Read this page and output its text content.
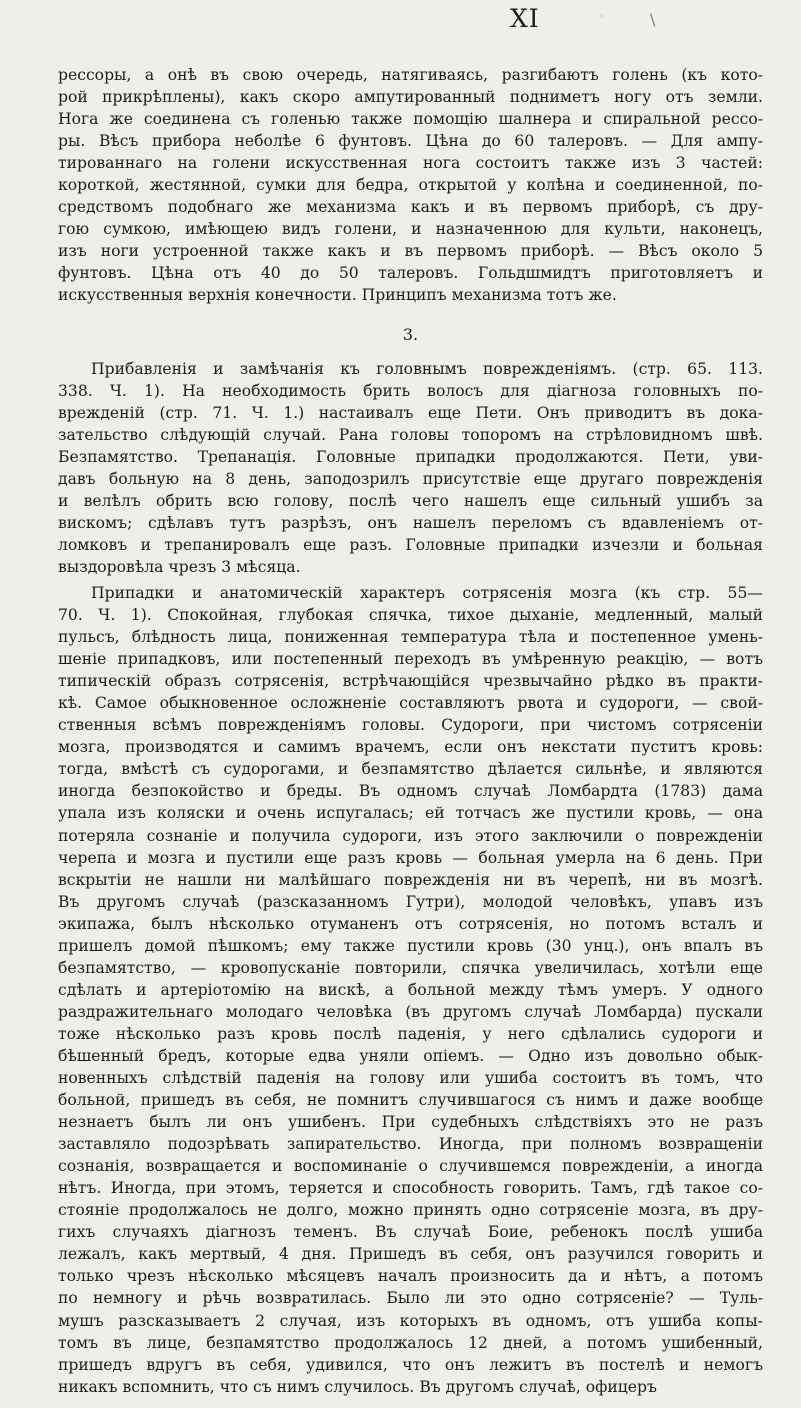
XI	'	\
рессоры, а онѣ въ свою очередь, натягиваясь, разгибаютъ голень (къ кото-
рой прикрѣплены), какъ скоро ампутированный подниметъ ногу отъ земли.
Нога же соединена съ голенью также помощію шалнера и спиральной рессо-
ры. Вѣсъ прибора неболѣе 6 фунтовъ. Цѣна до 60 талеровъ. — Для ампу-
тированнаго на голени искусственная нога состоитъ также изъ 3 частей:
короткой, жестянной, сумки для бедра, открытой у колѣна и соединенной, по-
средствомъ подобнаго же механизма какъ и въ первомъ приборѣ, съ дру-
гою сумкою, имѣющею видъ голени, и назначенною для культи, наконецъ,
изъ ноги устроенной также какъ и въ первомъ приборѣ. — Вѣсъ около 5
фунтовъ. Цѣна отъ 40 до 50 талеровъ. Гольдшмидтъ приготовляетъ и
искусственныя верхнія конечности. Принципъ механизма тотъ же.
3.
Прибавленія и замѣчанія къ головнымъ поврежденіямъ. (стр. 65. 113.
338. Ч. 1). На необходимость брить волосъ для діагноза головныхъ по-
врежденій (стр. 71. Ч. 1.) настаивалъ еще Пети. Онъ приводитъ въ дока-
зательство слѣдующій случай. Рана головы топоромъ на стрѣловидномъ швѣ.
Безпамятство. Трепанація. Головные припадки продолжаются. Пети, уви-
давъ больную на 8 день, заподозрилъ присутствіе еще другаго поврежденія
и велѣлъ обрить всю голову, послѣ чего нашелъ еще сильный ушибъ за
вискомъ; сдѣлавъ тутъ разрѣзъ, онъ нашелъ переломъ съ вдавленіемъ от-
ломковъ и трепанировалъ еще разъ. Головные припадки изчезли и больная
выздоровѣла чрезъ 3 мѣсяца.
Припадки и анатомическій характеръ сотрясенія мозга (къ стр. 55—
70. Ч. 1). Спокойная, глубокая спячка, тихое дыханіе, медленный, малый
пульсъ, блѣдность лица, пониженная температура тѣла и постепенное умень-
шеніе припадковъ, или постепенный переходъ въ умѣренную реакцію, — вотъ
типическій образъ сотрясенія, встрѣчающійся чрезвычайно рѣдко въ практи-
кѣ. Самое обыкновенное осложненіе составляютъ рвота и судороги, — свой-
ственныя всѣмъ поврежденіямъ головы. Судороги, при чистомъ сотрясеніи
мозга, производятся и самимъ врачемъ, если онъ некстати пуститъ кровь:
тогда, вмѣстѣ съ судорогами, и безпамятство дѣлается сильнѣе, и являются
иногда безпокойство и бреды. Въ одномъ случаѣ Ломбардта (1783) дама
упала изъ коляски и очень испугалась; ей тотчасъ же пустили кровь, — она
потеряла сознаніе и получила судороги, изъ этого заключили о поврежденіи
черепа и мозга и пустили еще разъ кровь — больная умерла на 6 день. При
вскрытіи не нашли ни малѣйшаго поврежденія ни въ черепѣ, ни въ мозгѣ.
Въ другомъ случаѣ (разсказанномъ Гутри), молодой человѣкъ, упавъ изъ
экипажа, былъ нѣсколько отуманенъ отъ сотрясенія, но потомъ всталъ и
пришелъ домой пѣшкомъ; ему также пустили кровь (30 унц.), онъ впалъ въ
безпамятство, — кровопусканіе повторили, спячка увеличилась, хотѣли еще
сдѣлать и артеріотомію на вискѣ, а больной между тѣмъ умеръ. У одного
раздражительнаго молодаго человѣка (въ другомъ случаѣ Ломбарда) пускали
тоже нѣсколько разъ кровь послѣ паденія, у него сдѣлались судороги и
бѣшенный бредъ, которые едва уняли опіемъ. — Одно изъ довольно обык-
новенныхъ слѣдствій паденія на голову или ушиба состоитъ въ томъ, что
больной, пришедъ въ себя, не помнитъ случившагося съ нимъ и даже вообще
незнаетъ былъ ли онъ ушибенъ. При судебныхъ слѣдствіяхъ это не разъ
заставляло подозрѣвать запирательство. Иногда, при полномъ возвращеніи
сознанія, возвращается и воспоминаніе о случившемся поврежденіи, а иногда
нѣтъ. Иногда, при этомъ, теряется и способность говорить. Тамъ, гдѣ такое со-
стояніе продолжалось не долго, можно принять одно сотрясеніе мозга, въ дру-
гихъ случаяхъ діагнозъ теменъ. Въ случаѣ Боие, ребенокъ послѣ ушиба
лежалъ, какъ мертвый, 4 дня. Пришедъ въ себя, онъ разучился говорить и
только чрезъ нѣсколько мѣсяцевъ началъ произносить да и нѣтъ, а потомъ
по немногу и рѣчь возвратилась. Было ли это одно сотрясеніе? — Туль-
мушъ разсказываетъ 2 случая, изъ которыхъ въ одномъ, отъ ушиба копы-
томъ въ лице, безпамятство продолжалось 12 дней, а потомъ ушибенный,
пришедъ вдругъ въ себя, удивился, что онъ лежитъ въ постелѣ и немогъ
никакъ вспомнить, что съ нимъ случилось. Въ другомъ случаѣ, офицеръ
